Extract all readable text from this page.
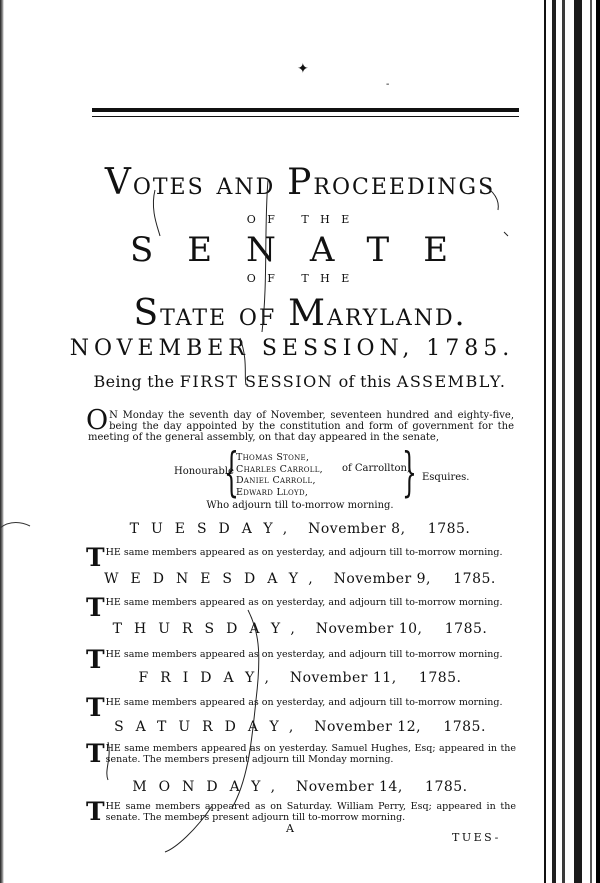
✦
-
Votes and Proceedings
O F   T H E
SENATE
O F   T H E
State of Maryland.
NOVEMBER SESSION, 1785.
Being the FIRST SESSION of this ASSEMBLY.
O N Monday the seventh day of November, seventeen hundred and eighty-five, being the day appointed by the constitution and form of government for the meeting of the general assembly, on that day appeared in the senate,
Honourable
{
Thomas Stone,
Charles Carroll,
Daniel Carroll,
Edward Lloyd,
of Carrollton,
} Esquires.
Who adjourn till to-morrow morning.
TUESDAY, November 8, 1785.
THE same members appeared as on yesterday, and adjourn till to-morrow morning.
WEDNESDAY, November 9, 1785.
THE same members appeared as on yesterday, and adjourn till to-morrow morning.
THURSDAY, November 10, 1785.
THE same members appeared as on yesterday, and adjourn till to-morrow morning.
FRIDAY, November 11, 1785.
THE same members appeared as on yesterday, and adjourn till to-morrow morning.
SATURDAY, November 12, 1785.
THE same members appeared as on yesterday. Samuel Hughes, Esq; appeared in the senate. The members present adjourn till Monday morning.
MONDAY, November 14, 1785.
THE same members appeared as on Saturday. William Perry, Esq; appeared in the senate. The members present adjourn till to-morrow morning.
A
TUES-
